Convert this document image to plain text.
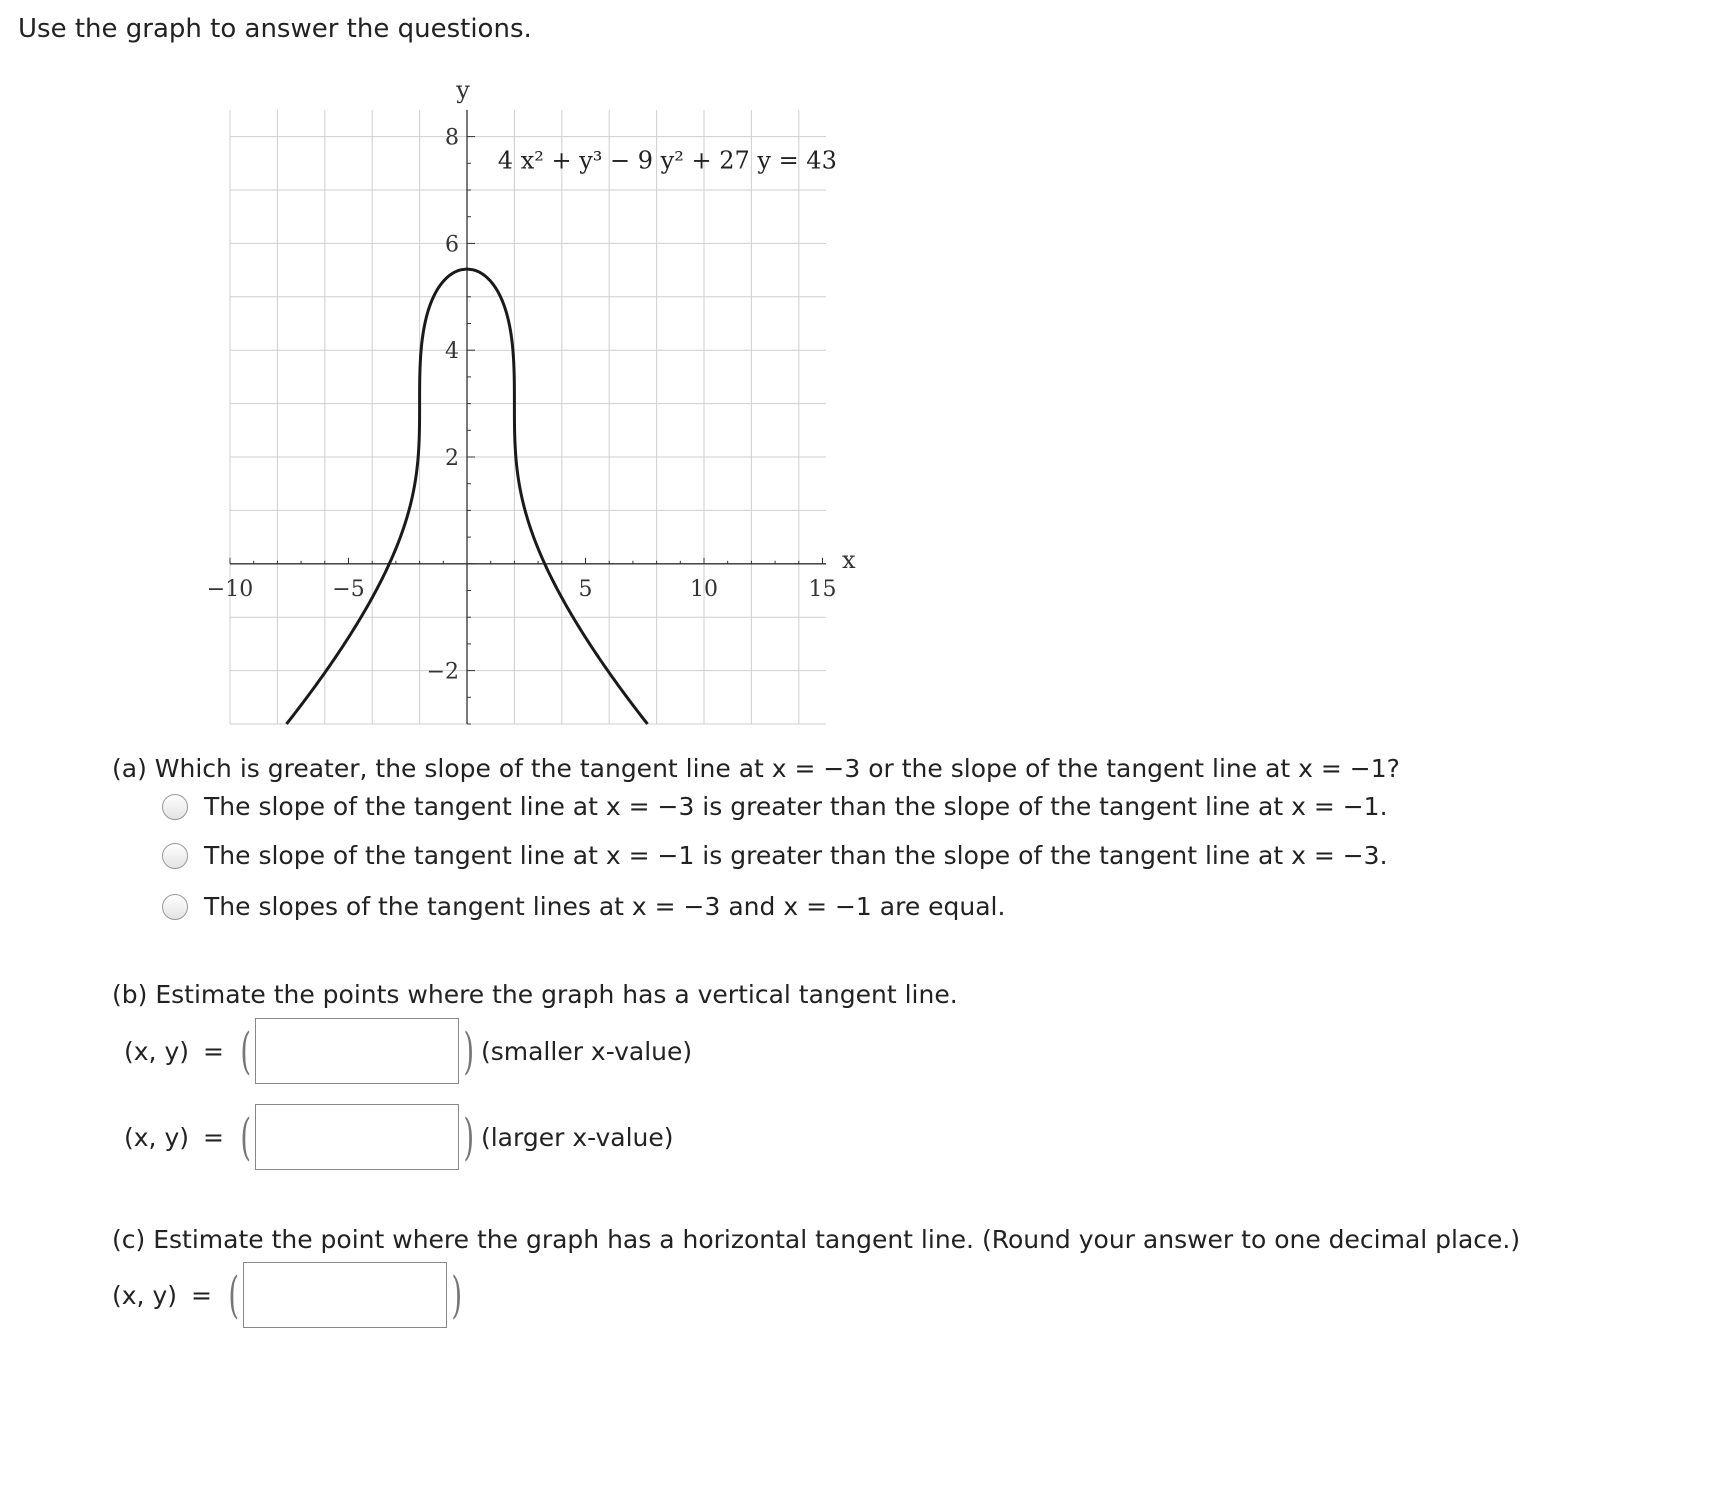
Use the graph to answer the questions.
−10	−5	5	10	15
8
6
4
2
−2
y
x
4 x² + y³ − 9 y² + 27 y = 43
(a) Which is greater, the slope of the tangent line at x = −3 or the slope of the tangent line at x = −1?
The slope of the tangent line at x = −3 is greater than the slope of the tangent line at x = −1.
The slope of the tangent line at x = −1 is greater than the slope of the tangent line at x = −3.
The slopes of the tangent lines at x = −3 and x = −1 are equal.
(b) Estimate the points where the graph has a vertical tangent line.
(x, y) = (	) (smaller x-value)
(x, y) = (	) (larger x-value)
(c) Estimate the point where the graph has a horizontal tangent line. (Round your answer to one decimal place.)
(x, y) = (	)
